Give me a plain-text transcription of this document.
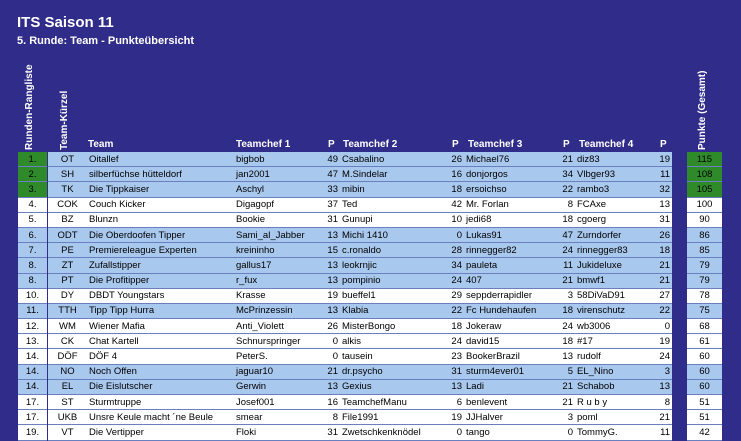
ITS Saison 11
5. Runde: Team - Punkteübersicht
Runden-Rangliste Team-Kürzel Team	Teamchef 1	P Teamchef 2	P Teamchef 3	P Teamchef 4	P	Punkte (Gesamt)
1.		OT	Oitallef	bigbob	49	Csabalino	26	Michael76	21	diz83	19		115
2.		SH	silberfüchse hütteldorf	jan2001	47	M.Sindelar	16	donjorgos	34	Vlbger93	11		108
3.		TK	Die Tippkaiser	Aschyl	33	mibin	18	ersoichso	22	rambo3	32		105
4.		COK	Couch Kicker	Digagopf	37	Ted	42	Mr. Forlan	8	FCAxe	13		100
5.		BZ	Blunzn	Bookie	31	Gunupi	10	jedi68	18	cgoerg	31		90
6.		ODT	Die Oberdoofen Tipper	Sami_al_Jabber	13	Michi 1410	0	Lukas91	47	Zurndorfer	26		86
7.		PE	Premiereleague Experten	kreininho	15	c.ronaldo	28	rinnegger82	24	rinnegger83	18		85
8.		ZT	Zufallstipper	gallus17	13	leokrnjic	34	pauleta	11	Jukideluxe	21		79
8.		PT	Die Profitipper	r_fux	13	pompinio	24	407	21	bmwf1	21		79
10.		DY	DBDT Youngstars	Krasse	19	bueffel1	29	seppderrapidler	3	58DiVaD91	27		78
11.		TTH	Tipp Tipp Hurra	McPrinzessin	13	Klabia	22	Fc Hundehaufen	18	virenschutz	22		75
12.		WM	Wiener Mafia	Anti_Violett	26	MisterBongo	18	Jokeraw	24	wb3006	0		68
13.		CK	Chat Kartell	Schnurspringer	0	alkis	24	david15	18	#17	19		61
14.		DÖF	DÖF 4	PeterS.	0	tausein	23	BookerBrazil	13	rudolf	24		60
14.		NO	Noch Offen	jaguar10	21	dr.psycho	31	sturm4ever01	5	EL_Nino	3		60
14.		EL	Die Eislutscher	Gerwin	13	Gexius	13	Ladi	21	Schabob	13		60
17.		ST	Sturmtruppe	Josef001	16	TeamchefManu	6	benlevent	21	R u b y	8		51
17.		UKB	Unsre Keule macht ´ne Beule	smear	8	File1991	19	JJHalver	3	poml	21		51
19.		VT	Die Vertipper	Floki	31	Zwetschkenknödel	0	tango	0	TommyG.	11		42
